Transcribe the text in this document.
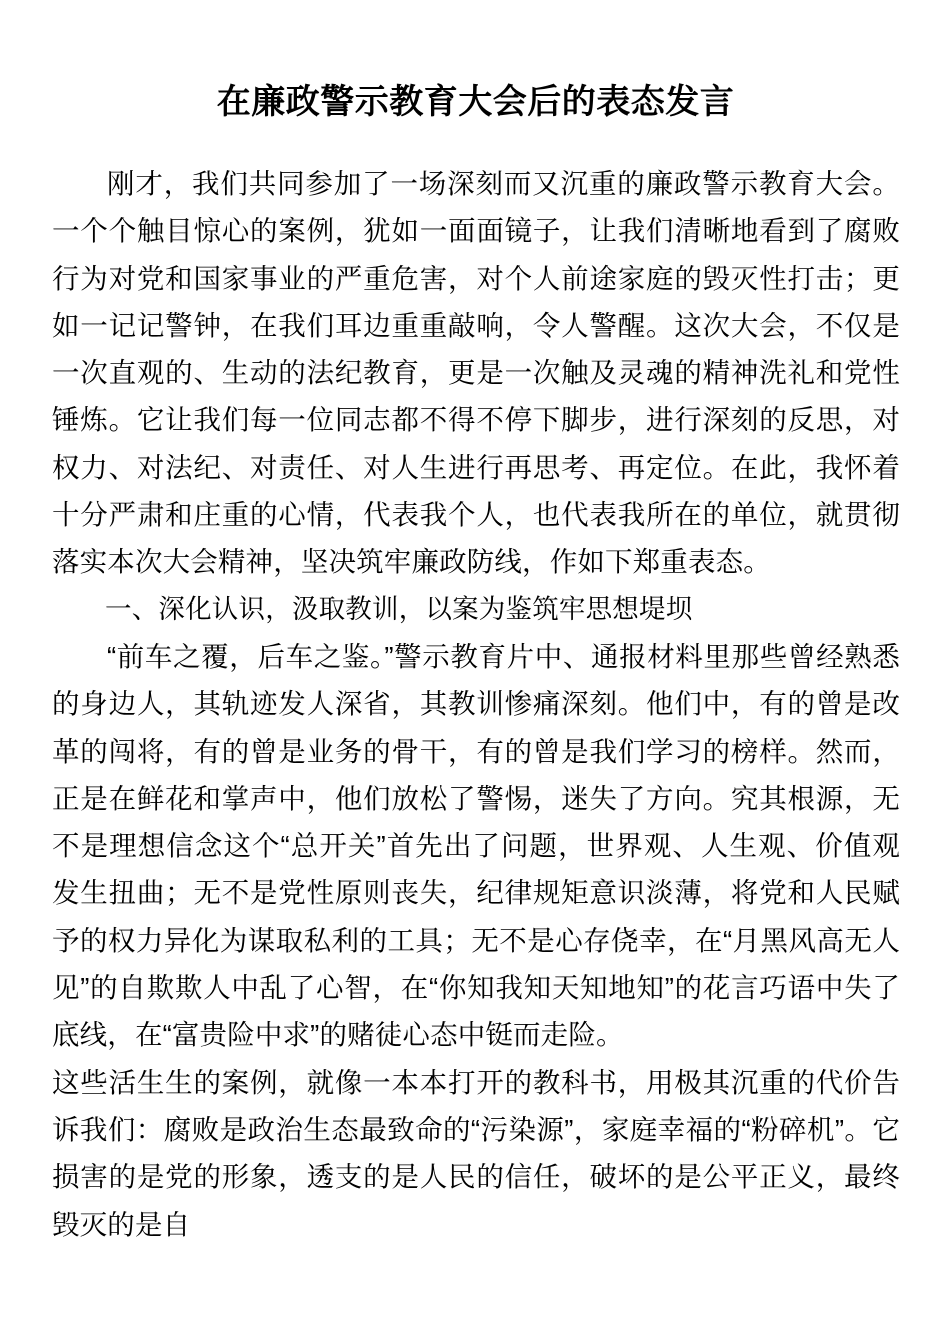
在廉政警示教育大会后的表态发言

刚才，我们共同参加了一场深刻而又沉重的廉政警示教育大会。一个个触目惊心的案例，犹如一面面镜子，让我们清晰地看到了腐败行为对党和国家事业的严重危害，对个人前途家庭的毁灭性打击；更如一记记警钟，在我们耳边重重敲响，令人警醒。这次大会，不仅是一次直观的、生动的法纪教育，更是一次触及灵魂的精神洗礼和党性锤炼。它让我们每一位同志都不得不停下脚步，进行深刻的反思，对权力、对法纪、对责任、对人生进行再思考、再定位。在此，我怀着十分严肃和庄重的心情，代表我个人，也代表我所在的单位，就贯彻落实本次大会精神，坚决筑牢廉政防线，作如下郑重表态。

一、深化认识，汲取教训，以案为鉴筑牢思想堤坝

“前车之覆，后车之鉴。”警示教育片中、通报材料里那些曾经熟悉的身边人，其轨迹发人深省，其教训惨痛深刻。他们中，有的曾是改革的闯将，有的曾是业务的骨干，有的曾是我们学习的榜样。然而，正是在鲜花和掌声中，他们放松了警惕，迷失了方向。究其根源，无不是理想信念这个“总开关”首先出了问题，世界观、人生观、价值观发生扭曲；无不是党性原则丧失，纪律规矩意识淡薄，将党和人民赋予的权力异化为谋取私利的工具；无不是心存侥幸，在“月黑风高无人见”的自欺欺人中乱了心智，在“你知我知天知地知”的花言巧语中失了底线，在“富贵险中求”的赌徒心态中铤而走险。

这些活生生的案例，就像一本本打开的教科书，用极其沉重的代价告诉我们：腐败是政治生态最致命的“污染源”，家庭幸福的“粉碎机”。它损害的是党的形象，透支的是人民的信任，破坏的是公平正义，最终毁灭的是自
